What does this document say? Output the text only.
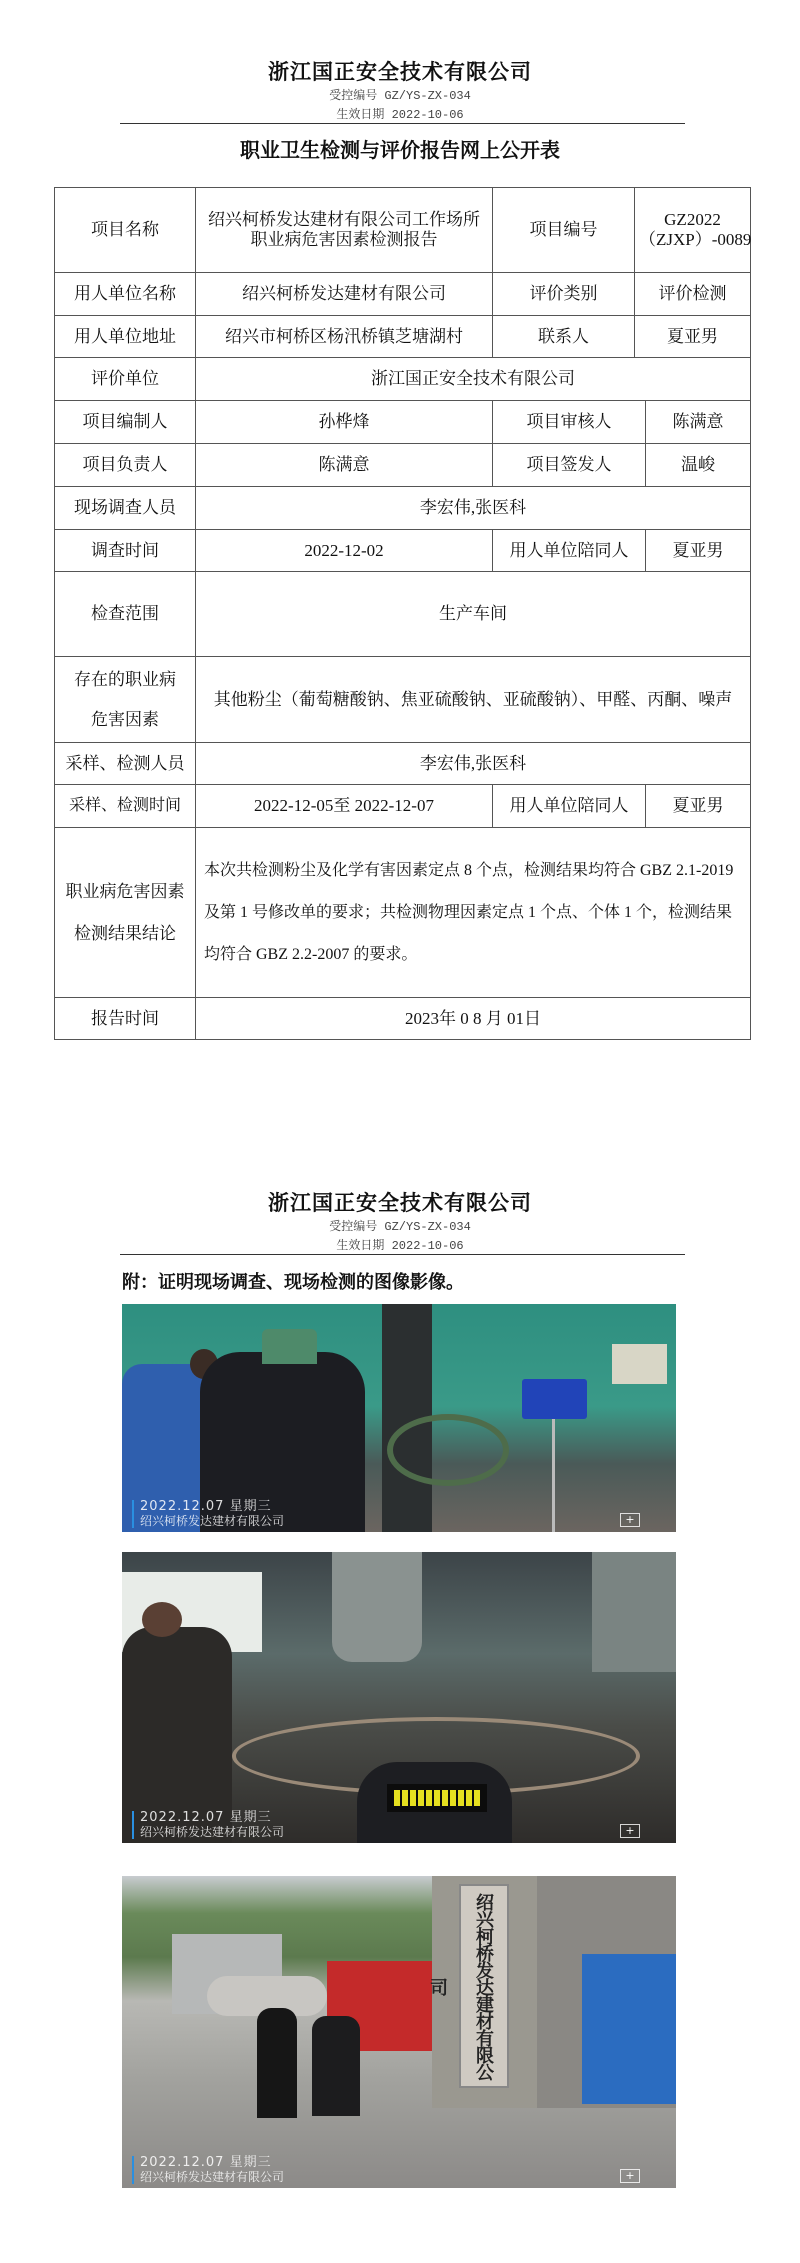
浙江国正安全技术有限公司
受控编号 GZ/YS-ZX-034
生效日期 2022-10-06
职业卫生检测与评价报告网上公开表
项目名称	绍兴柯桥发达建材有限公司工作场所职业病危害因素检测报告	项目编号	GZ2022（ZJXP）-0089	
用人单位名称	绍兴柯桥发达建材有限公司	评价类别	评价检测	
用人单位地址	绍兴市柯桥区杨汛桥镇芝塘湖村	联系人	夏亚男	
评价单位	浙江国正安全技术有限公司			
项目编制人	孙桦烽	项目审核人		陈满意
项目负责人	陈满意	项目签发人		温峻
现场调查人员	李宏伟,张医科			
调查时间	2022-12-02	用人单位陪同人		夏亚男
检查范围	生产车间			
存在的职业病危害因素	其他粉尘（葡萄糖酸钠、焦亚硫酸钠、亚硫酸钠）、甲醛、丙酮、噪声			
采样、检测人员	李宏伟,张医科			
采样、检测时间	2022-12-05至 2022-12-07	用人单位陪同人		夏亚男
职业病危害因素检测结果结论	本次共检测粉尘及化学有害因素定点 8 个点，检测结果均符合 GBZ 2.1-2019 及第 1 号修改单的要求；共检测物理因素定点 1 个点、个体 1 个，检测结果均符合 GBZ 2.2-2007 的要求。			
报告时间	2023年 0 8 月 01日			
浙江国正安全技术有限公司
受控编号 GZ/YS-ZX-034
生效日期 2022-10-06
附：证明现场调查、现场检测的图像影像。
2022.12.07 星期三
绍兴柯桥发达建材有限公司	+
2022.12.07 星期三
绍兴柯桥发达建材有限公司	+
绍兴柯桥发达建材有限公司
2022.12.07 星期三
绍兴柯桥发达建材有限公司	+
